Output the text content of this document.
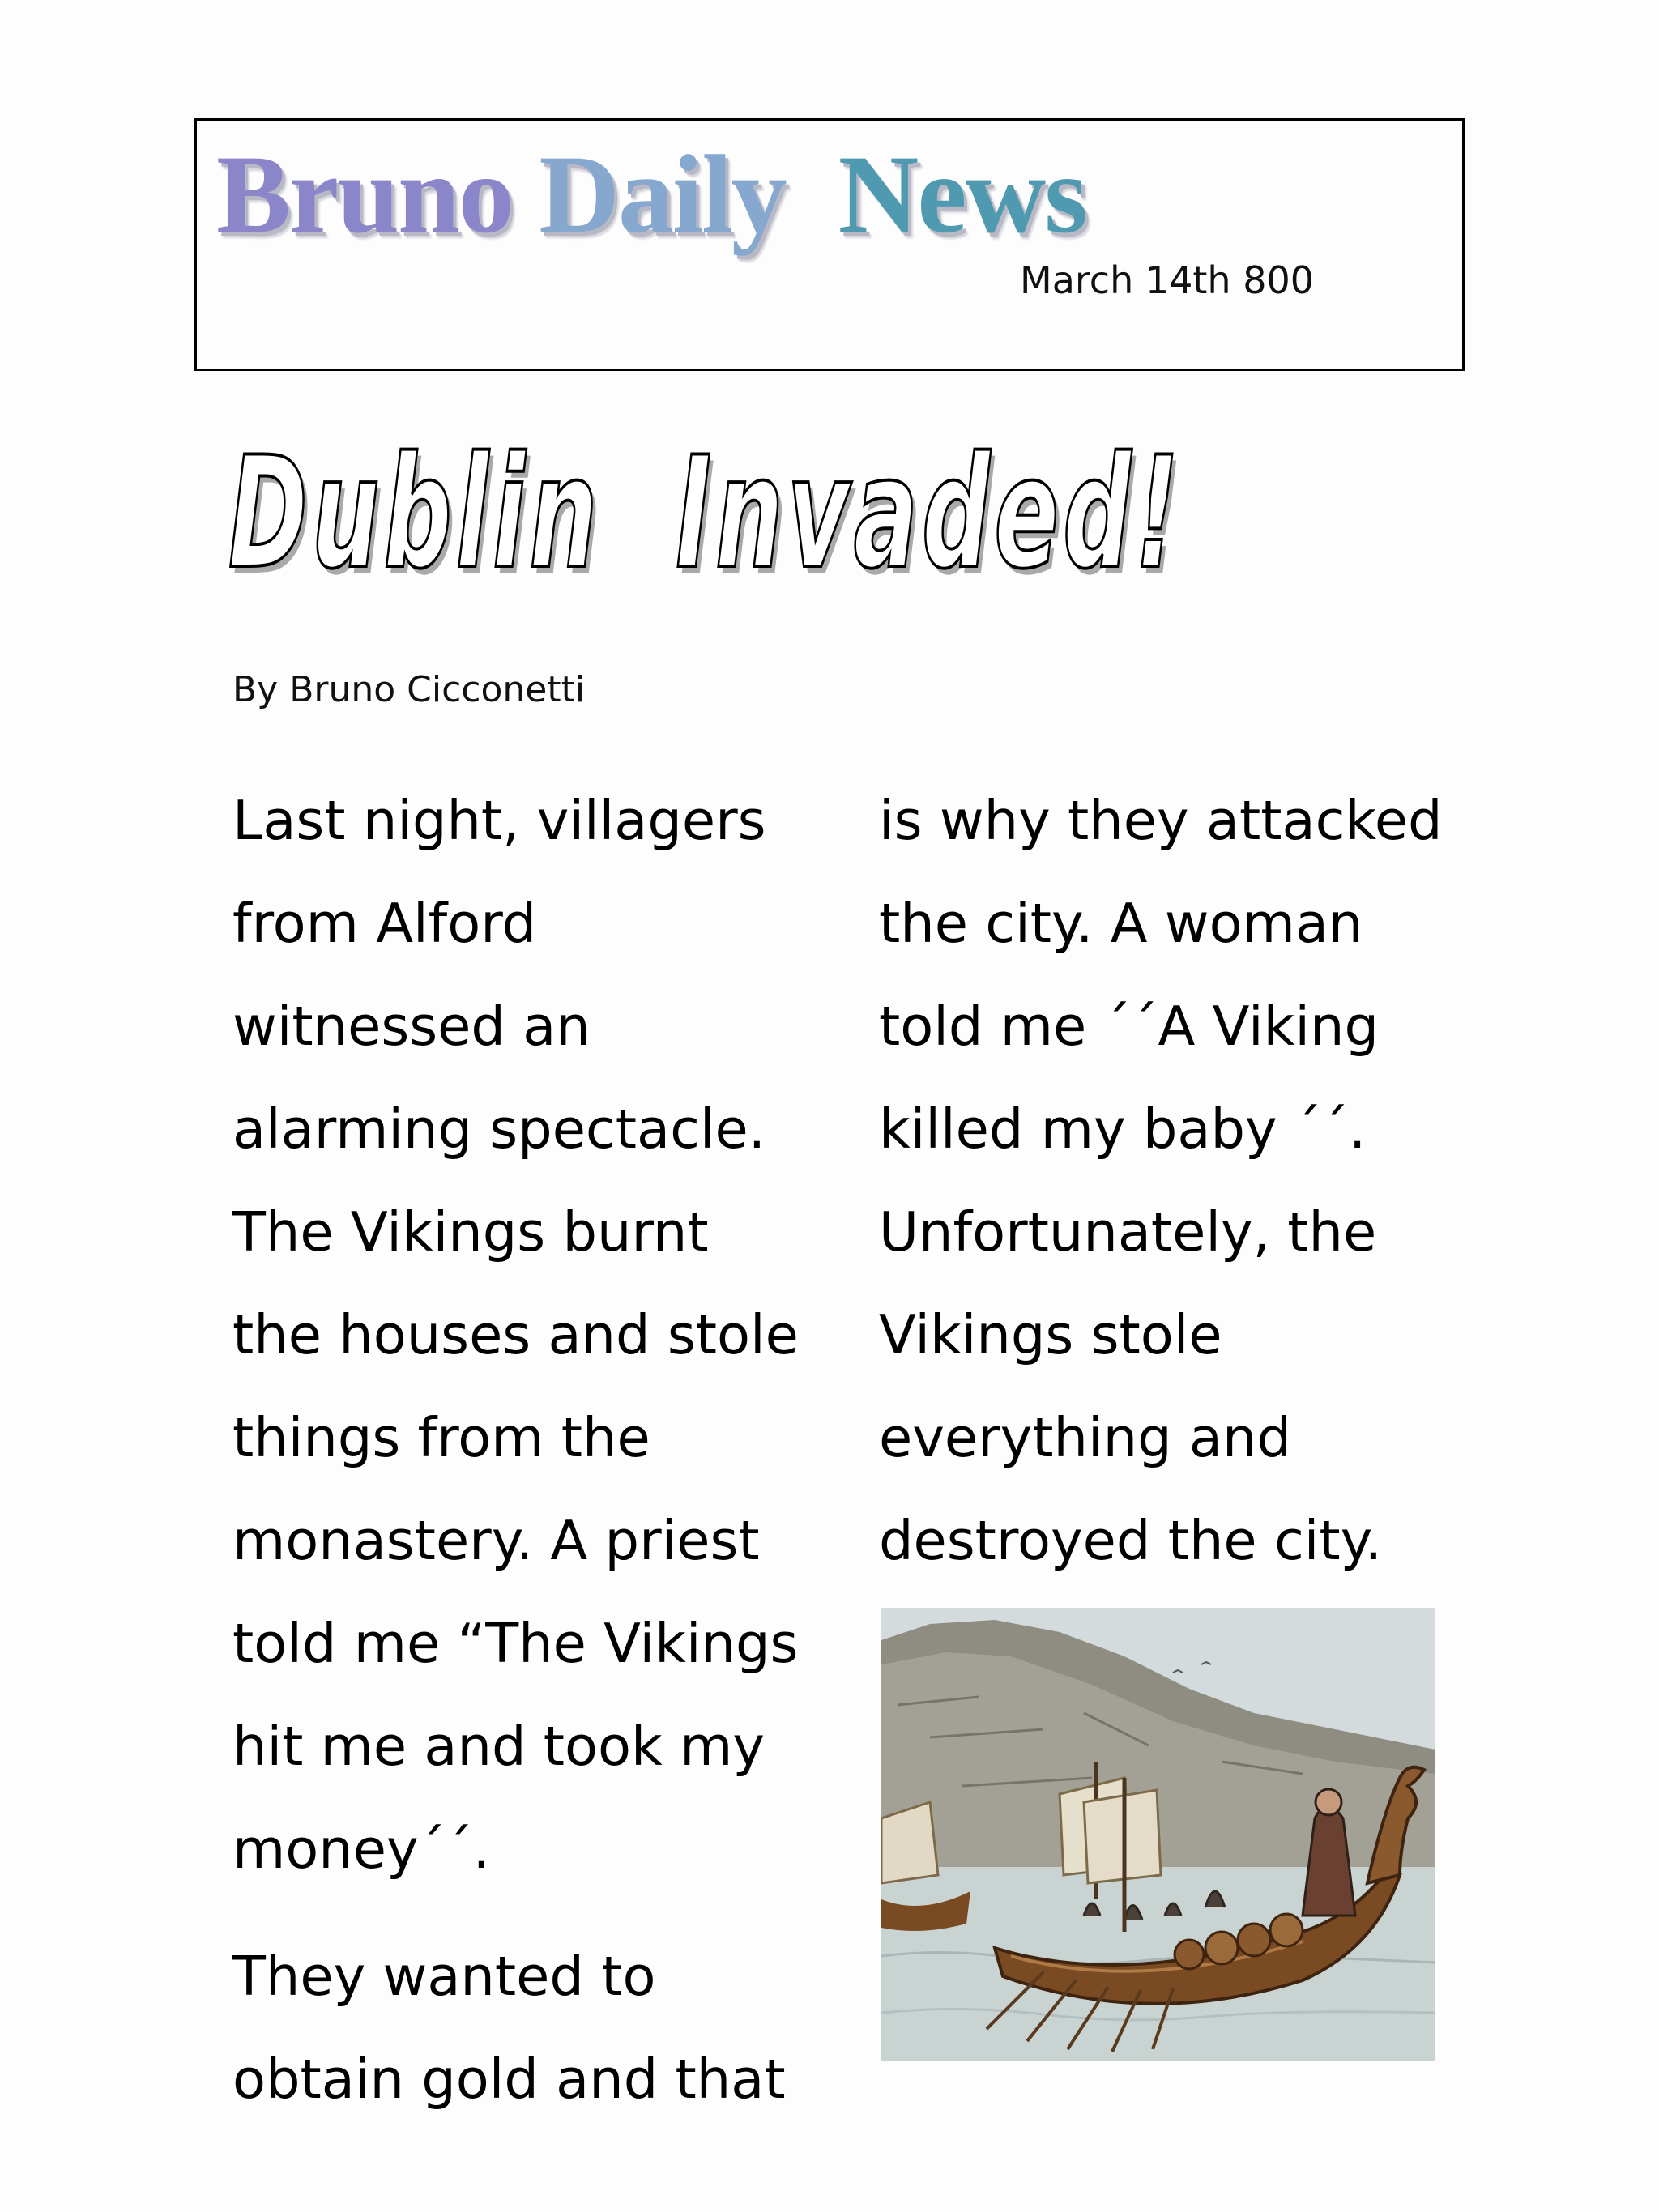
Bruno Daily News
March 14th 800
Dublin  Invaded!
By Bruno Cicconetti

Last night, villagers
from Alford
witnessed an
alarming spectacle.
The Vikings burnt
the houses and stole
things from the
monastery. A priest
told me “The Vikings
hit me and took my
money´´.

They wanted to
obtain gold and that

is why they attacked
the city. A woman
told me ´´A Viking
killed my baby ´´.
Unfortunately, the
Vikings stole
everything and
destroyed the city.
